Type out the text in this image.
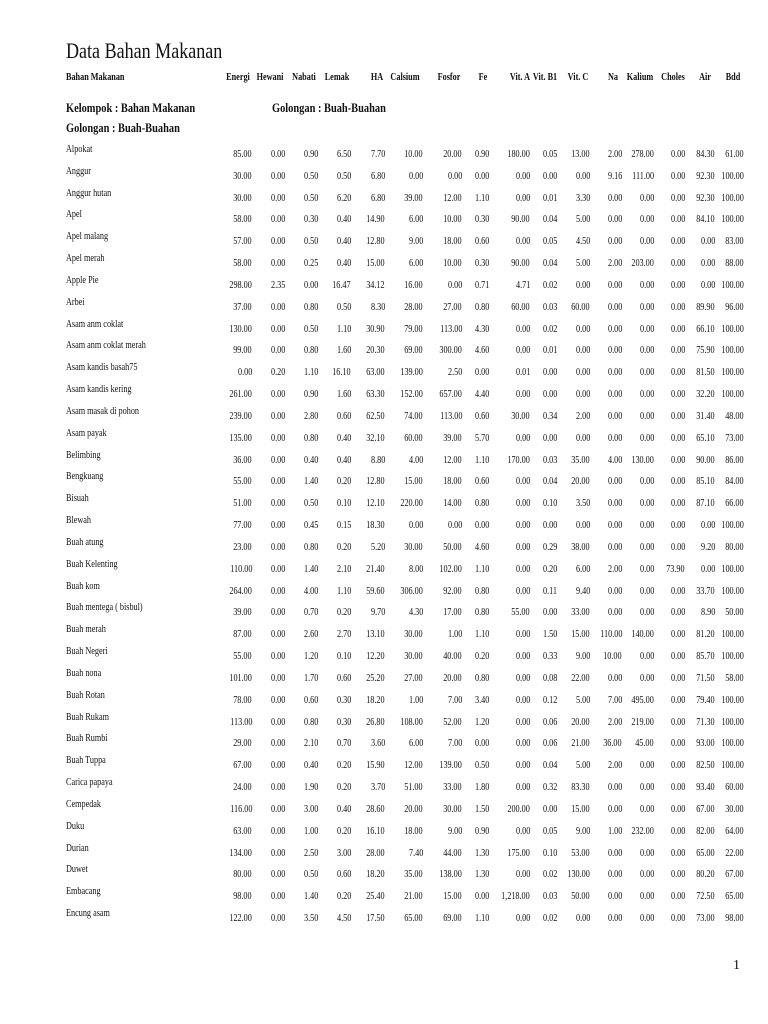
Data Bahan Makanan
Bahan Makanan	Energi Hewani Nabati Lemak	HA Calsium	Fosfor	Fe	Vit. A Vit. B1	Vit. C	Na Kalium Choles	Air	Bdd
Kelompok : Bahan Makanan	Golongan : Buah-Buahan
Golongan : Buah-Buahan
Alpokat	85.00 0.00 0.90 6.50 7.70 10.00 20.00 0.90 180.00 0.05 13.00 2.00 278.00 0.00 84.30 61.00
Anggur	30.00 0.00 0.50 0.50 6.80 0.00 0.00 0.00	0.00 0.00 0.00 9.16 111.00 0.00 92.30 100.00
Anggur hutan	30.00 0.00 0.50 6.20 6.80 39.00 12.00 1.10	0.00 0.01 3.30 0.00 0.00 0.00 92.30 100.00
Apel	58.00 0.00 0.30 0.40 14.90 6.00 10.00 0.30 90.00 0.04 5.00 0.00 0.00 0.00 84.10 100.00
Apel malang	57.00 0.00 0.50 0.40 12.80 9.00 18.00 0.60	0.00 0.05 4.50 0.00 0.00 0.00 0.00 83.00
Apel merah	58.00 0.00 0.25 0.40 15.00 6.00 10.00 0.30 90.00 0.04 5.00 2.00 203.00 0.00 0.00 88.00
Apple Pie	298.00 2.35 0.00 16.47 34.12 16.00 0.00 0.71	4.71 0.02 0.00 0.00 0.00 0.00 0.00 100.00
Arbei	37.00 0.00 0.80 0.50 8.30 28.00 27.00 0.80 60.00 0.03 60.00 0.00 0.00 0.00 89.90 96.00
Asam anm coklat	130.00 0.00 0.50 1.10 30.90 79.00 113.00 4.30	0.00 0.02 0.00 0.00 0.00 0.00 66.10 100.00
Asam anm coklat merah	99.00 0.00 0.80 1.60 20.30 69.00 300.00 4.60	0.00 0.01 0.00 0.00 0.00 0.00 75.90 100.00
Asam kandis basah75	0.00 0.20 1.10 16.10 63.00 139.00 2.50 0.00	0.01 0.00 0.00 0.00 0.00 0.00 81.50 100.00
Asam kandis kering	261.00 0.00 0.90 1.60 63.30 152.00 657.00 4.40	0.00 0.00 0.00 0.00 0.00 0.00 32.20 100.00
Asam masak di pohon	239.00 0.00 2.80 0.60 62.50 74.00 113.00 0.60 30.00 0.34 2.00 0.00 0.00 0.00 31.40 48.00
Asam payak	135.00 0.00 0.80 0.40 32.10 60.00 39.00 5.70	0.00 0.00 0.00 0.00 0.00 0.00 65.10 73.00
Belimbing	36.00 0.00 0.40 0.40 8.80 4.00 12.00 1.10 170.00 0.03 35.00 4.00 130.00 0.00 90.00 86.00
Bengkuang	55.00 0.00 1.40 0.20 12.80 15.00 18.00 0.60	0.00 0.04 20.00 0.00 0.00 0.00 85.10 84.00
Bisuah	51.00 0.00 0.50 0.10 12.10 220.00 14.00 0.80	0.00 0.10 3.50 0.00 0.00 0.00 87.10 66.00
Blewah	77.00 0.00 0.45 0.15 18.30 0.00 0.00 0.00	0.00 0.00 0.00 0.00 0.00 0.00 0.00 100.00
Buah atung	23.00 0.00 0.80 0.20 5.20 30.00 50.00 4.60	0.00 0.29 38.00 0.00 0.00 0.00 9.20 80.00
Buah Kelenting	110.00 0.00 1.40 2.10 21.40 8.00 102.00 1.10	0.00 0.20 6.00 2.00 0.00 73.90 0.00 100.00
Buah kom	264.00 0.00 4.00 1.10 59.60 306.00 92.00 0.80	0.00 0.11 9.40 0.00 0.00 0.00 33.70 100.00
Buah mentega ( bisbul)	39.00 0.00 0.70 0.20 9.70 4.30 17.00 0.80 55.00 0.00 33.00 0.00 0.00 0.00 8.90 50.00
Buah merah	87.00 0.00 2.60 2.70 13.10 30.00 1.00 1.10	0.00 1.50 15.00 110.00 140.00 0.00 81.20 100.00
Buah Negeri	55.00 0.00 1.20 0.10 12.20 30.00 40.00 0.20	0.00 0.33 9.00 10.00 0.00 0.00 85.70 100.00
Buah nona	101.00 0.00 1.70 0.60 25.20 27.00 20.00 0.80	0.00 0.08 22.00 0.00 0.00 0.00 71.50 58.00
Buah Rotan	78.00 0.00 0.60 0.30 18.20 1.00 7.00 3.40	0.00 0.12 5.00 7.00 495.00 0.00 79.40 100.00
Buah Rukam	113.00 0.00 0.80 0.30 26.80 108.00 52.00 1.20	0.00 0.06 20.00 2.00 219.00 0.00 71.30 100.00
Buah Rumbi	29.00 0.00 2.10 0.70 3.60 6.00 7.00 0.00	0.00 0.06 21.00 36.00 45.00 0.00 93.00 100.00
Buah Tuppa	67.00 0.00 0.40 0.20 15.90 12.00 139.00 0.50	0.00 0.04 5.00 2.00 0.00 0.00 82.50 100.00
Carica papaya	24.00 0.00 1.90 0.20 3.70 51.00 33.00 1.80	0.00 0.32 83.30 0.00 0.00 0.00 93.40 60.00
Cempedak	116.00 0.00 3.00 0.40 28.60 20.00 30.00 1.50 200.00 0.00 15.00 0.00 0.00 0.00 67.00 30.00
Duku	63.00 0.00 1.00 0.20 16.10 18.00 9.00 0.90	0.00 0.05 9.00 1.00 232.00 0.00 82.00 64.00
Durian	134.00 0.00 2.50 3.00 28.00 7.40 44.00 1.30 175.00 0.10 53.00 0.00 0.00 0.00 65.00 22.00
Duwet	80.00 0.00 0.50 0.60 18.20 35.00 138.00 1.30	0.00 0.02 130.00 0.00 0.00 0.00 80.20 67.00
Embacang	98.00 0.00 1.40 0.20 25.40 21.00 15.00 0.00 1,218.00 0.03 50.00 0.00 0.00 0.00 72.50 65.00
Encung asam	122.00 0.00 3.50 4.50 17.50 65.00 69.00 1.10	0.00 0.02 0.00 0.00 0.00 0.00 73.00 98.00
1
